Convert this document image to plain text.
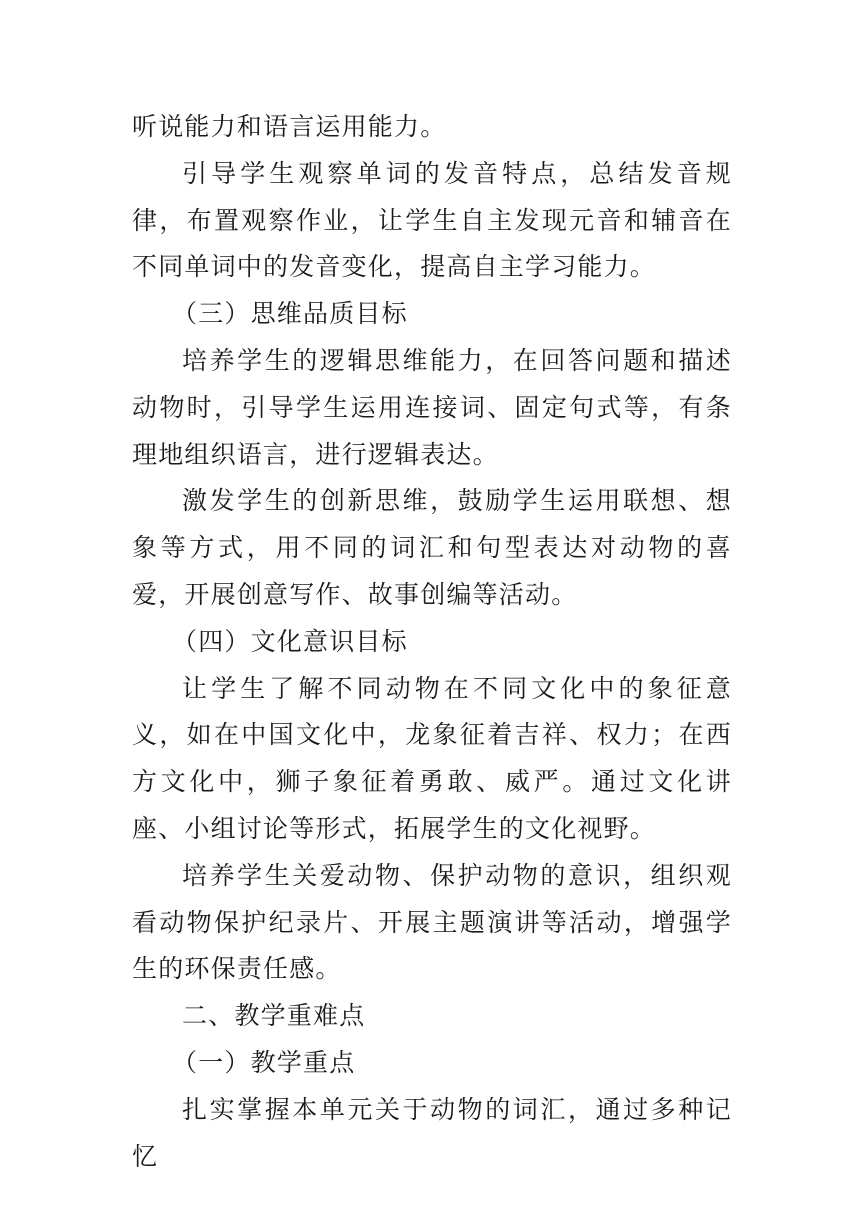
听说能力和语言运用能力。

引导学生观察单词的发音特点，总结发音规律，布置观察作业，让学生自主发现元音和辅音在不同单词中的发音变化，提高自主学习能力。

（三）思维品质目标

培养学生的逻辑思维能力，在回答问题和描述动物时，引导学生运用连接词、固定句式等，有条理地组织语言，进行逻辑表达。

激发学生的创新思维，鼓励学生运用联想、想象等方式，用不同的词汇和句型表达对动物的喜爱，开展创意写作、故事创编等活动。

（四）文化意识目标

让学生了解不同动物在不同文化中的象征意义，如在中国文化中，龙象征着吉祥、权力；在西方文化中，狮子象征着勇敢、威严。通过文化讲座、小组讨论等形式，拓展学生的文化视野。

培养学生关爱动物、保护动物的意识，组织观看动物保护纪录片、开展主题演讲等活动，增强学生的环保责任感。

二、教学重难点

（一）教学重点

扎实掌握本单元关于动物的词汇，通过多种记忆
